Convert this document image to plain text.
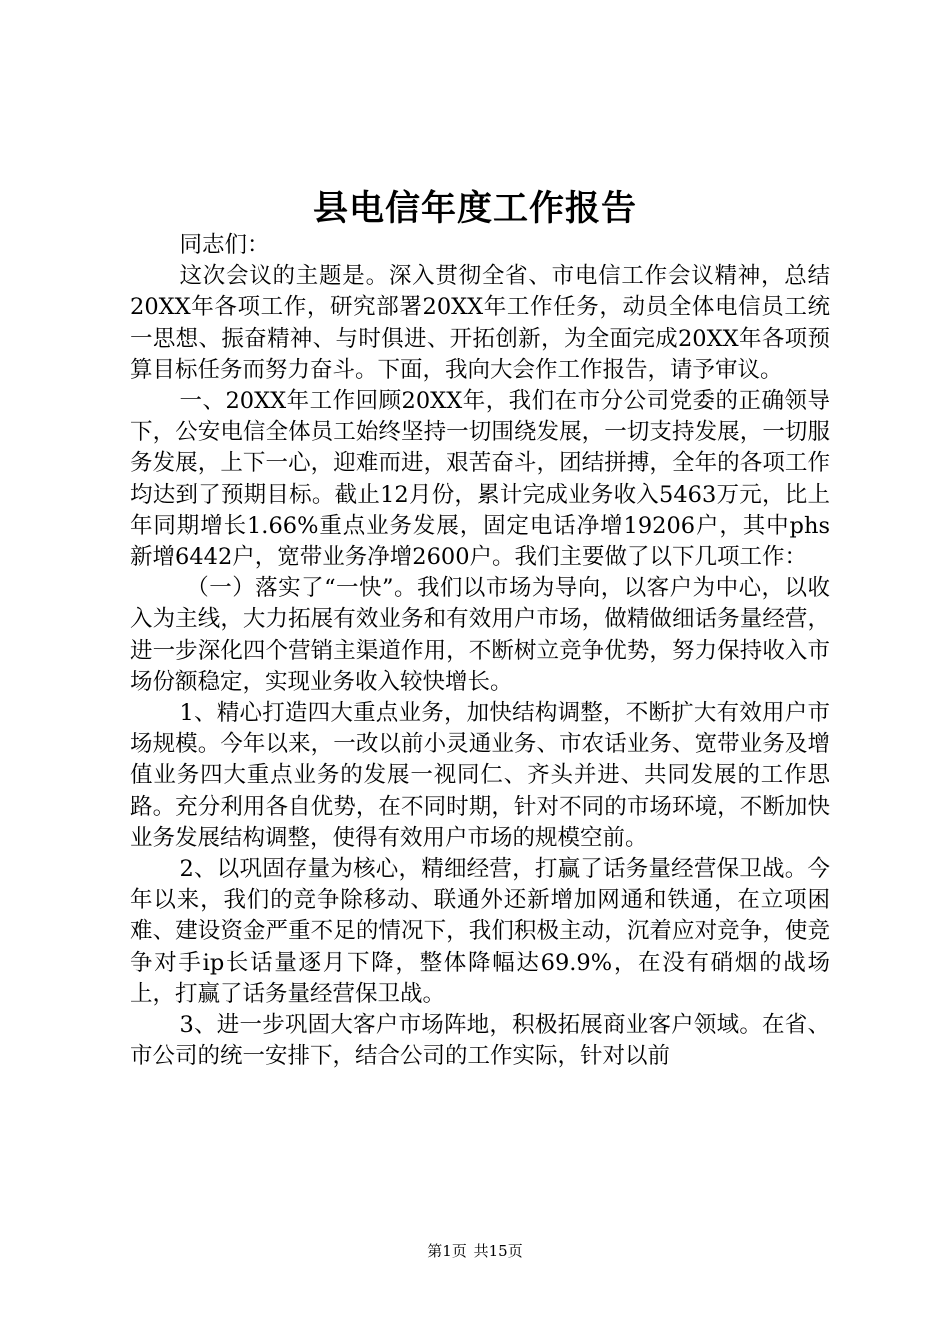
县电信年度工作报告

同志们：

这次会议的主题是。深入贯彻全省、市电信工作会议精神，总结20XX年各项工作，研究部署20XX年工作任务，动员全体电信员工统一思想、振奋精神、与时俱进、开拓创新，为全面完成20XX年各项预算目标任务而努力奋斗。下面，我向大会作工作报告，请予审议。

一、20XX年工作回顾20XX年，我们在市分公司党委的正确领导下，公安电信全体员工始终坚持一切围绕发展，一切支持发展，一切服务发展，上下一心，迎难而进，艰苦奋斗，团结拼搏，全年的各项工作均达到了预期目标。截止12月份，累计完成业务收入5463万元，比上年同期增长1.66%重点业务发展，固定电话净增19206户，其中phs新增6442户，宽带业务净增2600户。我们主要做了以下几项工作：

（一）落实了“一快”。我们以市场为导向，以客户为中心，以收入为主线，大力拓展有效业务和有效用户市场，做精做细话务量经营，进一步深化四个营销主渠道作用，不断树立竞争优势，努力保持收入市场份额稳定，实现业务收入较快增长。

1、精心打造四大重点业务，加快结构调整，不断扩大有效用户市场规模。今年以来，一改以前小灵通业务、市农话业务、宽带业务及增值业务四大重点业务的发展一视同仁、齐头并进、共同发展的工作思路。充分利用各自优势，在不同时期，针对不同的市场环境，不断加快业务发展结构调整，使得有效用户市场的规模空前。

2、以巩固存量为核心，精细经营，打赢了话务量经营保卫战。今年以来，我们的竞争除移动、联通外还新增加网通和铁通，在立项困难、建设资金严重不足的情况下，我们积极主动，沉着应对竞争，使竞争对手ip长话量逐月下降，整体降幅达69.9%，在没有硝烟的战场上，打赢了话务量经营保卫战。

3、进一步巩固大客户市场阵地，积极拓展商业客户领域。在省、市公司的统一安排下，结合公司的工作实际，针对以前

第1页 共15页
